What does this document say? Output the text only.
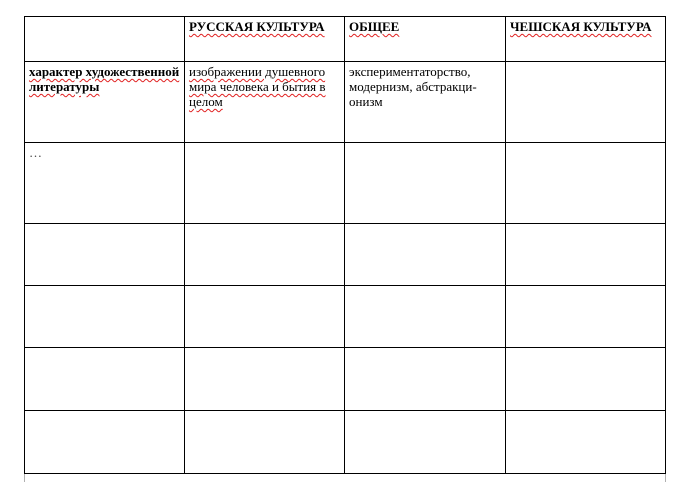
	РУССКАЯ КУЛЬТУРА	ОБЩЕЕ	ЧЕШСКАЯ КУЛЬТУРА
характер художественной литературы	изображении душевного мира человека и бытия в целом	экспериментаторство, модернизм, абстракци-онизм	
…			
